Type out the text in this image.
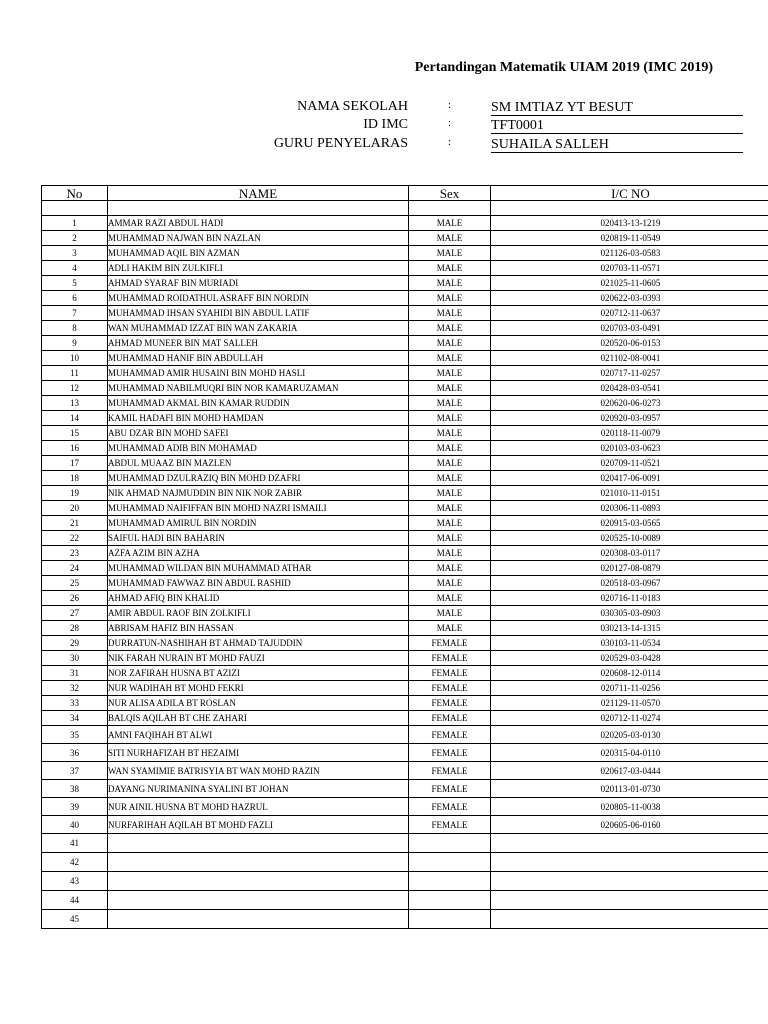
Pertandingan Matematik UIAM 2019 (IMC 2019)
NAMA SEKOLAH	:	SM IMTIAZ YT BESUT
ID IMC	:	TFT0001
GURU PENYELARAS	:	SUHAILA SALLEH
No	NAME	Sex	I/C NO

1	AMMAR RAZI ABDUL HADI	MALE	020413-13-1219
2	MUHAMMAD NAJWAN BIN NAZLAN	MALE	020819-11-0549
3	MUHAMMAD AQIL BIN AZMAN	MALE	021126-03-0583
4	ADLI HAKIM BIN ZULKIFLI	MALE	020703-11-0571
5	AHMAD SYARAF BIN MURIADI	MALE	021025-11-0605
6	MUHAMMAD ROIDATHUL ASRAFF BIN NORDIN	MALE	020622-03-0393
7	MUHAMMAD IHSAN SYAHIDI BIN ABDUL LATIF	MALE	020712-11-0637
8	WAN MUHAMMAD IZZAT BIN WAN ZAKARIA	MALE	020703-03-0491
9	AHMAD MUNEER BIN MAT SALLEH	MALE	020520-06-0153
10	MUHAMMAD HANIF BIN ABDULLAH	MALE	021102-08-0041
11	MUHAMMAD AMIR HUSAINI BIN MOHD HASLI	MALE	020717-11-0257
12	MUHAMMAD NABILMUQRI BIN NOR KAMARUZAMAN	MALE	020428-03-0541
13	MUHAMMAD AKMAL BIN KAMAR RUDDIN	MALE	020620-06-0273
14	KAMIL HADAFI BIN MOHD HAMDAN	MALE	020920-03-0957
15	ABU DZAR BIN MOHD SAFEI	MALE	020118-11-0079
16	MUHAMMAD ADIB BIN MOHAMAD	MALE	020103-03-0623
17	ABDUL MUAAZ BIN MAZLEN	MALE	020709-11-0521
18	MUHAMMAD DZULRAZIQ BIN MOHD DZAFRI	MALE	020417-06-0091
19	NIK AHMAD NAJMUDDIN BIN NIK NOR ZABIR	MALE	021010-11-0151
20	MUHAMMAD NAIFIFFAN BIN MOHD NAZRI ISMAILI	MALE	020306-11-0893
21	MUHAMMAD AMIRUL BIN NORDIN	MALE	020915-03-0565
22	SAIFUL HADI BIN BAHARIN	MALE	020525-10-0089
23	AZFA AZIM BIN AZHA	MALE	020308-03-0117
24	MUHAMMAD WILDAN BIN MUHAMMAD ATHAR	MALE	020127-08-0879
25	MUHAMMAD FAWWAZ BIN ABDUL RASHID	MALE	020518-03-0967
26	AHMAD AFIQ BIN KHALID	MALE	020716-11-0183
27	AMIR ABDUL RAOF BIN ZOLKIFLI	MALE	030305-03-0903
28	ABRISAM HAFIZ BIN HASSAN	MALE	030213-14-1315
29	DURRATUN-NASHIHAH BT AHMAD TAJUDDIN	FEMALE	030103-11-0534
30	NIK FARAH NURAIN BT MOHD FAUZI	FEMALE	020529-03-0428
31	NOR ZAFIRAH HUSNA BT AZIZI	FEMALE	020608-12-0114
32	NUR WADIHAH BT MOHD FEKRI	FEMALE	020711-11-0256
33	NUR ALISA ADILA BT ROSLAN	FEMALE	021129-11-0570
34	BALQIS AQILAH BT CHE ZAHARI	FEMALE	020712-11-0274
35	AMNI FAQIHAH BT ALWI	FEMALE	020205-03-0130
36	SITI NURHAFIZAH BT HEZAIMI	FEMALE	020315-04-0110
37	WAN SYAMIMIE BATRISYIA BT WAN MOHD RAZIN	FEMALE	020617-03-0444
38	DAYANG NURIMANINA SYALINI BT JOHAN	FEMALE	020113-01-0730
39	NUR AINIL HUSNA BT MOHD HAZRUL	FEMALE	020805-11-0038
40	NURFARIHAH AQILAH BT MOHD FAZLI	FEMALE	020605-06-0160
41			
42			
43			
44			
45			
